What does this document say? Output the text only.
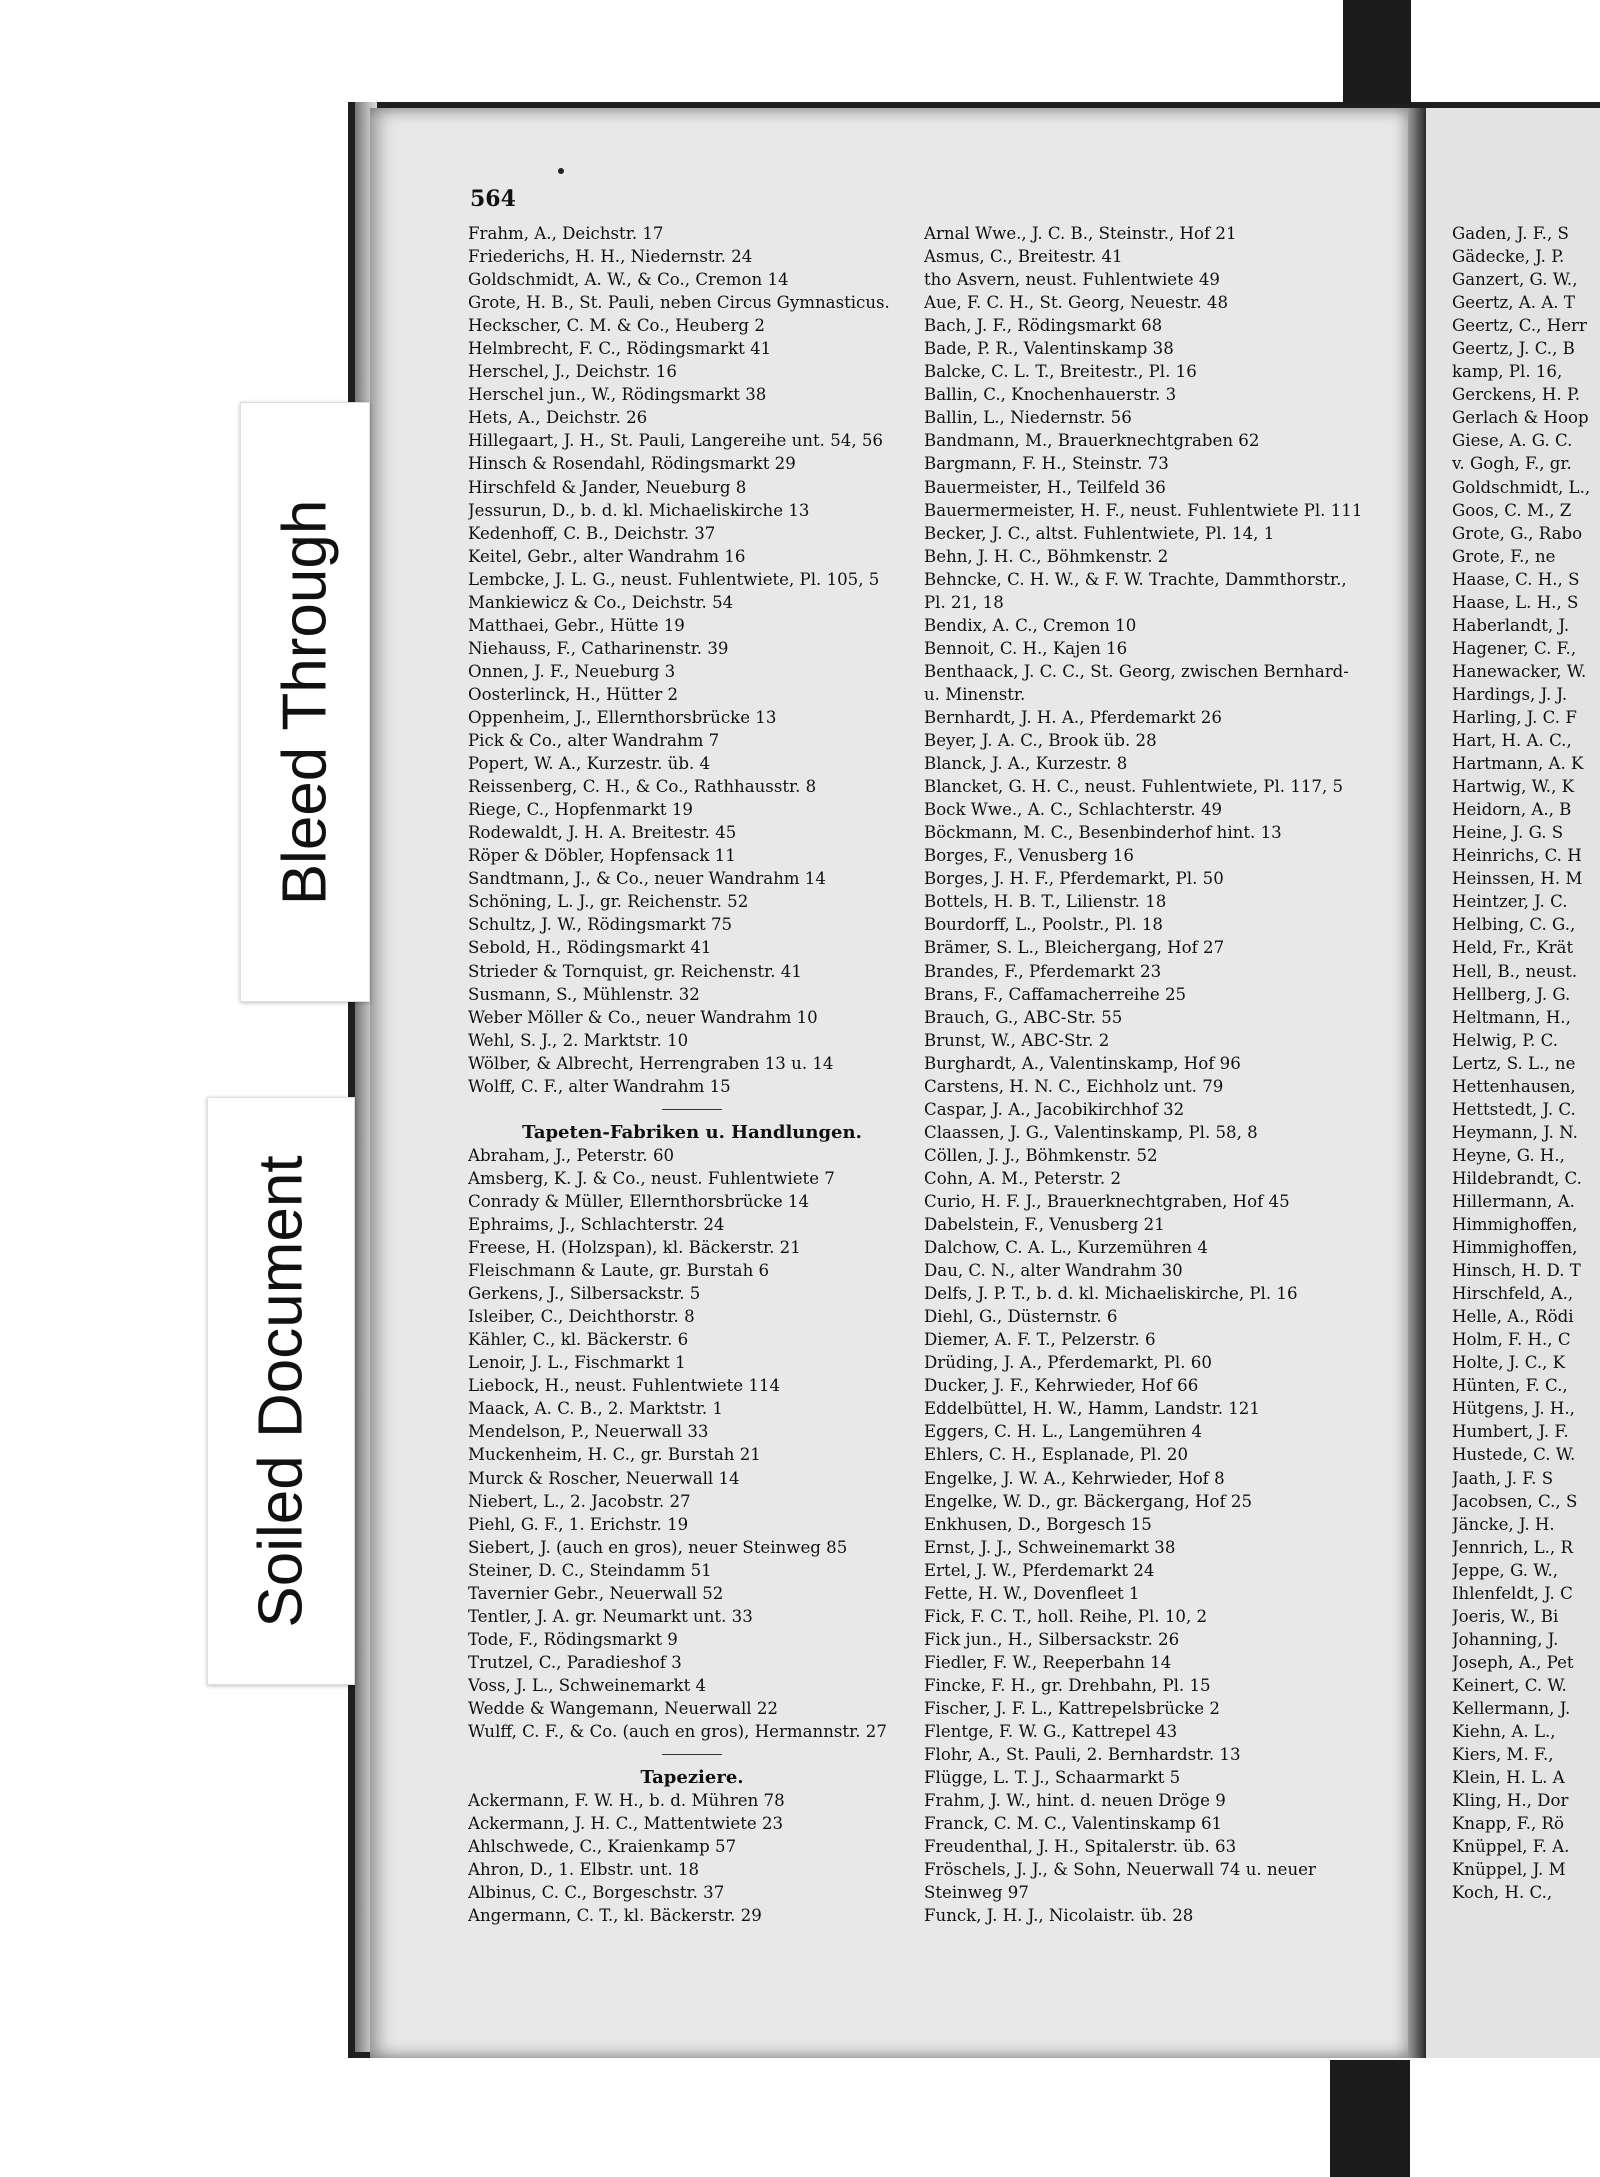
Bleed Through
Soiled Document
564
Frahm, A., Deichstr. 17
Friederichs, H. H., Niedernstr. 24
Goldschmidt, A. W., & Co., Cremon 14
Grote, H. B., St. Pauli, neben Circus Gymnasticus.
Heckscher, C. M. & Co., Heuberg 2
Helmbrecht, F. C., Rödingsmarkt 41
Herschel, J., Deichstr. 16
Herschel jun., W., Rödingsmarkt 38
Hets, A., Deichstr. 26
Hillegaart, J. H., St. Pauli, Langereihe unt. 54, 56
Hinsch & Rosendahl, Rödingsmarkt 29
Hirschfeld & Jander, Neueburg 8
Jessurun, D., b. d. kl. Michaeliskirche 13
Kedenhoff, C. B., Deichstr. 37
Keitel, Gebr., alter Wandrahm 16
Lembcke, J. L. G., neust. Fuhlentwiete, Pl. 105, 5
Mankiewicz & Co., Deichstr. 54
Matthaei, Gebr., Hütte 19
Niehauss, F., Catharinenstr. 39
Onnen, J. F., Neueburg 3
Oosterlinck, H., Hütter 2
Oppenheim, J., Ellernthorsbrücke 13
Pick & Co., alter Wandrahm 7
Popert, W. A., Kurzestr. üb. 4
Reissenberg, C. H., & Co., Rathhausstr. 8
Riege, C., Hopfenmarkt 19
Rodewaldt, J. H. A. Breitestr. 45
Röper & Döbler, Hopfensack 11
Sandtmann, J., & Co., neuer Wandrahm 14
Schöning, L. J., gr. Reichenstr. 52
Schultz, J. W., Rödingsmarkt 75
Sebold, H., Rödingsmarkt 41
Strieder & Tornquist, gr. Reichenstr. 41
Susmann, S., Mühlenstr. 32
Weber Möller & Co., neuer Wandrahm 10
Wehl, S. J., 2. Marktstr. 10
Wölber, & Albrecht, Herrengraben 13 u. 14
Wolff, C. F., alter Wandrahm 15
Tapeten-Fabriken u. Handlungen.
Abraham, J., Peterstr. 60
Amsberg, K. J. & Co., neust. Fuhlentwiete 7
Conrady & Müller, Ellernthorsbrücke 14
Ephraims, J., Schlachterstr. 24
Freese, H. (Holzspan), kl. Bäckerstr. 21
Fleischmann & Laute, gr. Burstah 6
Gerkens, J., Silbersackstr. 5
Isleiber, C., Deichthorstr. 8
Kähler, C., kl. Bäckerstr. 6
Lenoir, J. L., Fischmarkt 1
Liebock, H., neust. Fuhlentwiete 114
Maack, A. C. B., 2. Marktstr. 1
Mendelson, P., Neuerwall 33
Muckenheim, H. C., gr. Burstah 21
Murck & Roscher, Neuerwall 14
Niebert, L., 2. Jacobstr. 27
Piehl, G. F., 1. Erichstr. 19
Siebert, J. (auch en gros), neuer Steinweg 85
Steiner, D. C., Steindamm 51
Tavernier Gebr., Neuerwall 52
Tentler, J. A. gr. Neumarkt unt. 33
Tode, F., Rödingsmarkt 9
Trutzel, C., Paradieshof 3
Voss, J. L., Schweinemarkt 4
Wedde & Wangemann, Neuerwall 22
Wulff, C. F., & Co. (auch en gros), Hermannstr. 27
Tapeziere.
Ackermann, F. W. H., b. d. Mühren 78
Ackermann, J. H. C., Mattentwiete 23
Ahlschwede, C., Kraienkamp 57
Ahron, D., 1. Elbstr. unt. 18
Albinus, C. C., Borgeschstr. 37
Angermann, C. T., kl. Bäckerstr. 29
Arnal Wwe., J. C. B., Steinstr., Hof 21
Asmus, C., Breitestr. 41
tho Asvern, neust. Fuhlentwiete 49
Aue, F. C. H., St. Georg, Neuestr. 48
Bach, J. F., Rödingsmarkt 68
Bade, P. R., Valentinskamp 38
Balcke, C. L. T., Breitestr., Pl. 16
Ballin, C., Knochenhauerstr. 3
Ballin, L., Niedernstr. 56
Bandmann, M., Brauerknechtgraben 62
Bargmann, F. H., Steinstr. 73
Bauermeister, H., Teilfeld 36
Bauermermeister, H. F., neust. Fuhlentwiete Pl. 111
Becker, J. C., altst. Fuhlentwiete, Pl. 14, 1
Behn, J. H. C., Böhmkenstr. 2
Behncke, C. H. W., & F. W. Trachte, Dammthorstr.,
Pl. 21, 18
Bendix, A. C., Cremon 10
Bennoit, C. H., Kajen 16
Benthaack, J. C. C., St. Georg, zwischen Bernhard-
u. Minenstr.
Bernhardt, J. H. A., Pferdemarkt 26
Beyer, J. A. C., Brook üb. 28
Blanck, J. A., Kurzestr. 8
Blancket, G. H. C., neust. Fuhlentwiete, Pl. 117, 5
Bock Wwe., A. C., Schlachterstr. 49
Böckmann, M. C., Besenbinderhof hint. 13
Borges, F., Venusberg 16
Borges, J. H. F., Pferdemarkt, Pl. 50
Bottels, H. B. T., Lilienstr. 18
Bourdorff, L., Poolstr., Pl. 18
Brämer, S. L., Bleichergang, Hof 27
Brandes, F., Pferdemarkt 23
Brans, F., Caffamacherreihe 25
Brauch, G., ABC-Str. 55
Brunst, W., ABC-Str. 2
Burghardt, A., Valentinskamp, Hof 96
Carstens, H. N. C., Eichholz unt. 79
Caspar, J. A., Jacobikirchhof 32
Claassen, J. G., Valentinskamp, Pl. 58, 8
Cöllen, J. J., Böhmkenstr. 52
Cohn, A. M., Peterstr. 2
Curio, H. F. J., Brauerknechtgraben, Hof 45
Dabelstein, F., Venusberg 21
Dalchow, C. A. L., Kurzemühren 4
Dau, C. N., alter Wandrahm 30
Delfs, J. P. T., b. d. kl. Michaeliskirche, Pl. 16
Diehl, G., Düsternstr. 6
Diemer, A. F. T., Pelzerstr. 6
Drüding, J. A., Pferdemarkt, Pl. 60
Ducker, J. F., Kehrwieder, Hof 66
Eddelbüttel, H. W., Hamm, Landstr. 121
Eggers, C. H. L., Langemühren 4
Ehlers, C. H., Esplanade, Pl. 20
Engelke, J. W. A., Kehrwieder, Hof 8
Engelke, W. D., gr. Bäckergang, Hof 25
Enkhusen, D., Borgesch 15
Ernst, J. J., Schweinemarkt 38
Ertel, J. W., Pferdemarkt 24
Fette, H. W., Dovenfleet 1
Fick, F. C. T., holl. Reihe, Pl. 10, 2
Fick jun., H., Silbersackstr. 26
Fiedler, F. W., Reeperbahn 14
Fincke, F. H., gr. Drehbahn, Pl. 15
Fischer, J. F. L., Kattrepelsbrücke 2
Flentge, F. W. G., Kattrepel 43
Flohr, A., St. Pauli, 2. Bernhardstr. 13
Flügge, L. T. J., Schaarmarkt 5
Frahm, J. W., hint. d. neuen Dröge 9
Franck, C. M. C., Valentinskamp 61
Freudenthal, J. H., Spitalerstr. üb. 63
Fröschels, J. J., & Sohn, Neuerwall 74 u. neuer
Steinweg 97
Funck, J. H. J., Nicolaistr. üb. 28
Gaden, J. F., S
Gädecke, J. P.
Ganzert, G. W.,
Geertz, A. A. T
Geertz, C., Herr
Geertz, J. C., B
kamp, Pl. 16,
Gerckens, H. P.
Gerlach & Hoop
Giese, A. G. C.
v. Gogh, F., gr.
Goldschmidt, L.,
Goos, C. M., Z
Grote, G., Rabo
Grote, F., ne
Haase, C. H., S
Haase, L. H., S
Haberlandt, J.
Hagener, C. F.,
Hanewacker, W.
Hardings, J. J.
Harling, J. C. F
Hart, H. A. C.,
Hartmann, A. K
Hartwig, W., K
Heidorn, A., B
Heine, J. G. S
Heinrichs, C. H
Heinssen, H. M
Heintzer, J. C.
Helbing, C. G.,
Held, Fr., Krät
Hell, B., neust.
Hellberg, J. G.
Heltmann, H.,
Helwig, P. C.
Lertz, S. L., ne
Hettenhausen,
Hettstedt, J. C.
Heymann, J. N.
Heyne, G. H.,
Hildebrandt, C.
Hillermann, A.
Himmighoffen,
Himmighoffen,
Hinsch, H. D. T
Hirschfeld, A.,
Helle, A., Rödi
Holm, F. H., C
Holte, J. C., K
Hünten, F. C.,
Hütgens, J. H.,
Humbert, J. F.
Hustede, C. W.
Jaath, J. F. S
Jacobsen, C., S
Jäncke, J. H.
Jennrich, L., R
Jeppe, G. W.,
Ihlenfeldt, J. C
Joeris, W., Bi
Johanning, J.
Joseph, A., Pet
Keinert, C. W.
Kellermann, J.
Kiehn, A. L.,
Kiers, M. F.,
Klein, H. L. A
Kling, H., Dor
Knapp, F., Rö
Knüppel, F. A.
Knüppel, J. M
Koch, H. C.,
